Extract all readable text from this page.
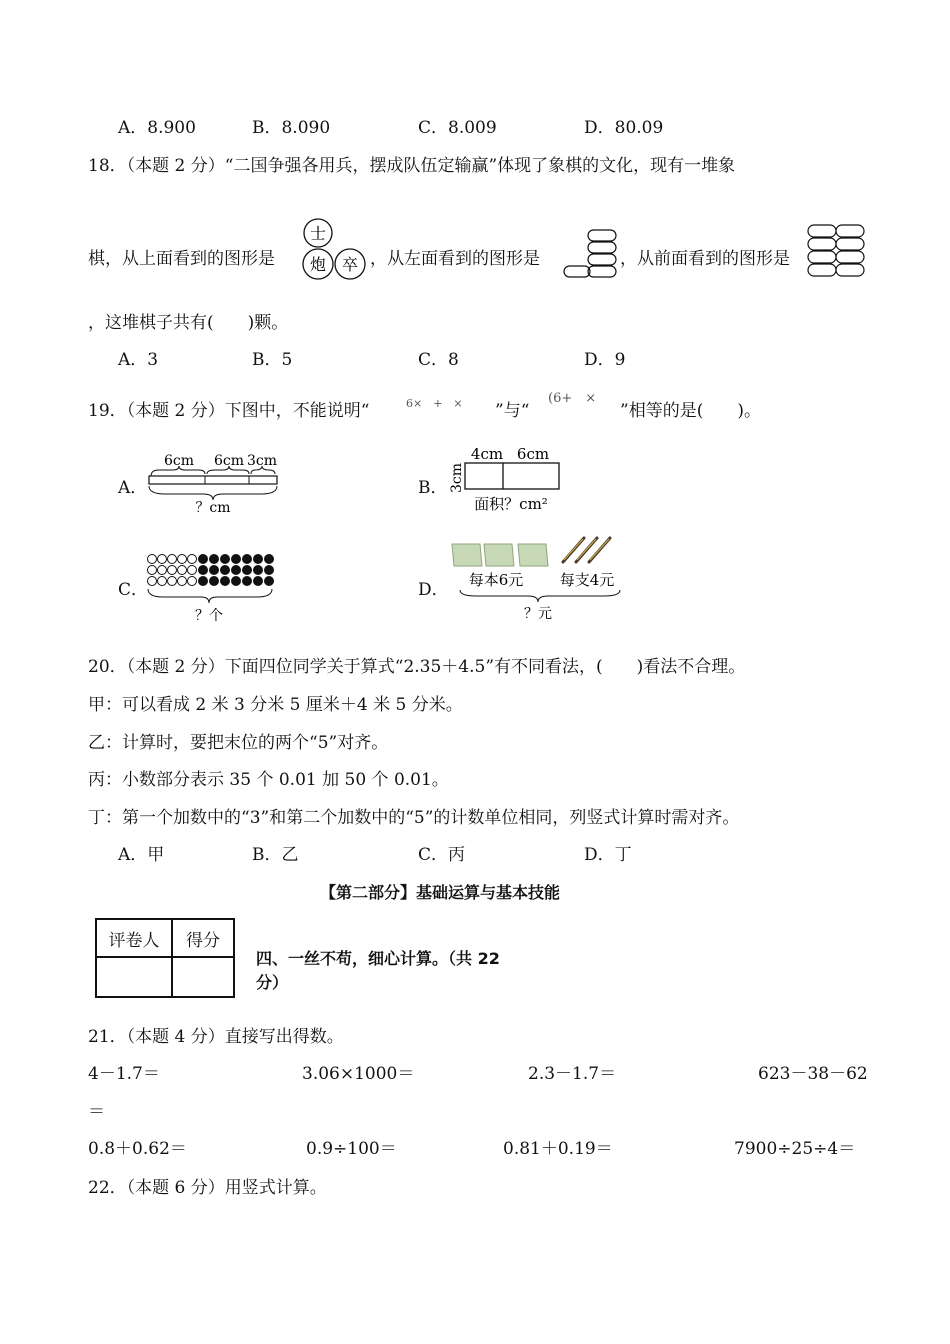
A．8.900	B．8.090	C．8.009	D．80.09
18．（本题 2 分）“二国争强各用兵，摆成队伍定输赢”体现了象棋的文化，现有一堆象
棋，从上面看到的图形是
士
炮 卒 ，从左面看到的图形是	，从前面看到的图形是
，这堆棋子共有(　　)颗。
A．3	B．5	C．8	D．9
19．（本题 2 分）下图中，不能说明“	6×　+　× ”与“
(6+　×
”相等的是(　　)。
A．
6cm 6cm 3cm
？cm
B．
4cm 6cm
3cm
面积？cm²
C．
？个
D． 每本6元 每支4元
？元
20．（本题 2 分）下面四位同学关于算式“2.35＋4.5”有不同看法，(　　)看法不合理。
甲：可以看成 2 米 3 分米 5 厘米＋4 米 5 分米。
乙：计算时，要把末位的两个“5”对齐。
丙：小数部分表示 35 个 0.01 加 50 个 0.01。
丁：第一个加数中的“3”和第二个加数中的“5”的计数单位相同，列竖式计算时需对齐。
A．甲	B．乙	C．丙	D．丁
【第二部分】基础运算与基本技能
评卷人	得分

四、一丝不苟，细心计算。（共 22
分）
21．（本题 4 分）直接写出得数。
4－1.7＝	3.06×1000＝	2.3－1.7＝	623－38－62
＝
0.8＋0.62＝	0.9÷100＝	0.81＋0.19＝	7900÷25÷4＝
22．（本题 6 分）用竖式计算。
